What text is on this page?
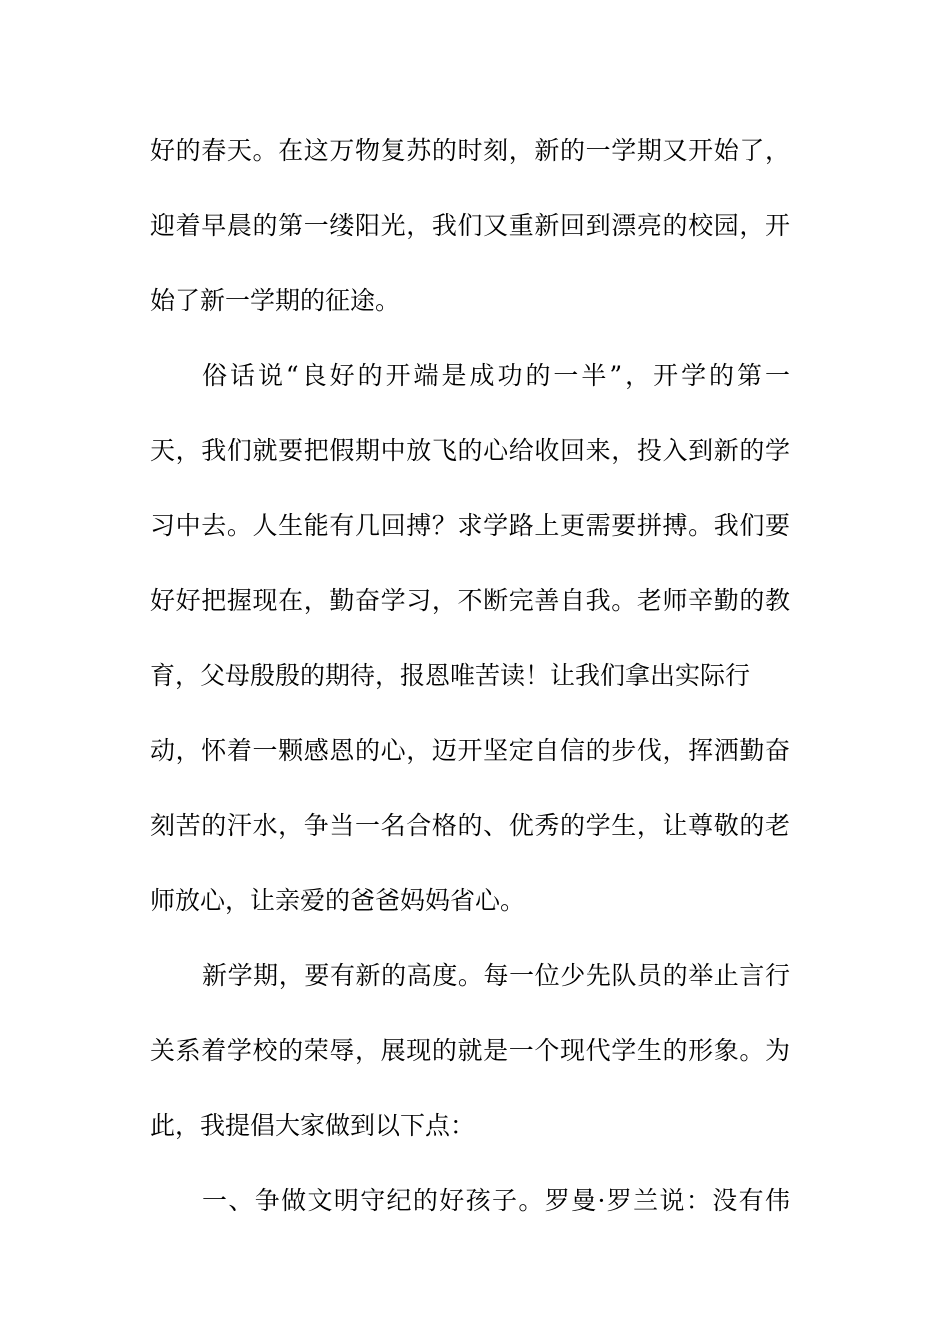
好的春天。在这万物复苏的时刻，新的一学期又开始了，
迎着早晨的第一缕阳光，我们又重新回到漂亮的校园，开
始了新一学期的征途。
俗话说“良好的开端是成功的一半”，开学的第一
天，我们就要把假期中放飞的心给收回来，投入到新的学
习中去。人生能有几回搏？求学路上更需要拼搏。我们要
好好把握现在，勤奋学习，不断完善自我。老师辛勤的教
育，父母殷殷的期待，报恩唯苦读！让我们拿出实际行
动，怀着一颗感恩的心，迈开坚定自信的步伐，挥洒勤奋
刻苦的汗水，争当一名合格的、优秀的学生，让尊敬的老
师放心，让亲爱的爸爸妈妈省心。
新学期，要有新的高度。每一位少先队员的举止言行
关系着学校的荣辱，展现的就是一个现代学生的形象。为
此，我提倡大家做到以下点：
一、争做文明守纪的好孩子。罗曼·罗兰说：没有伟
